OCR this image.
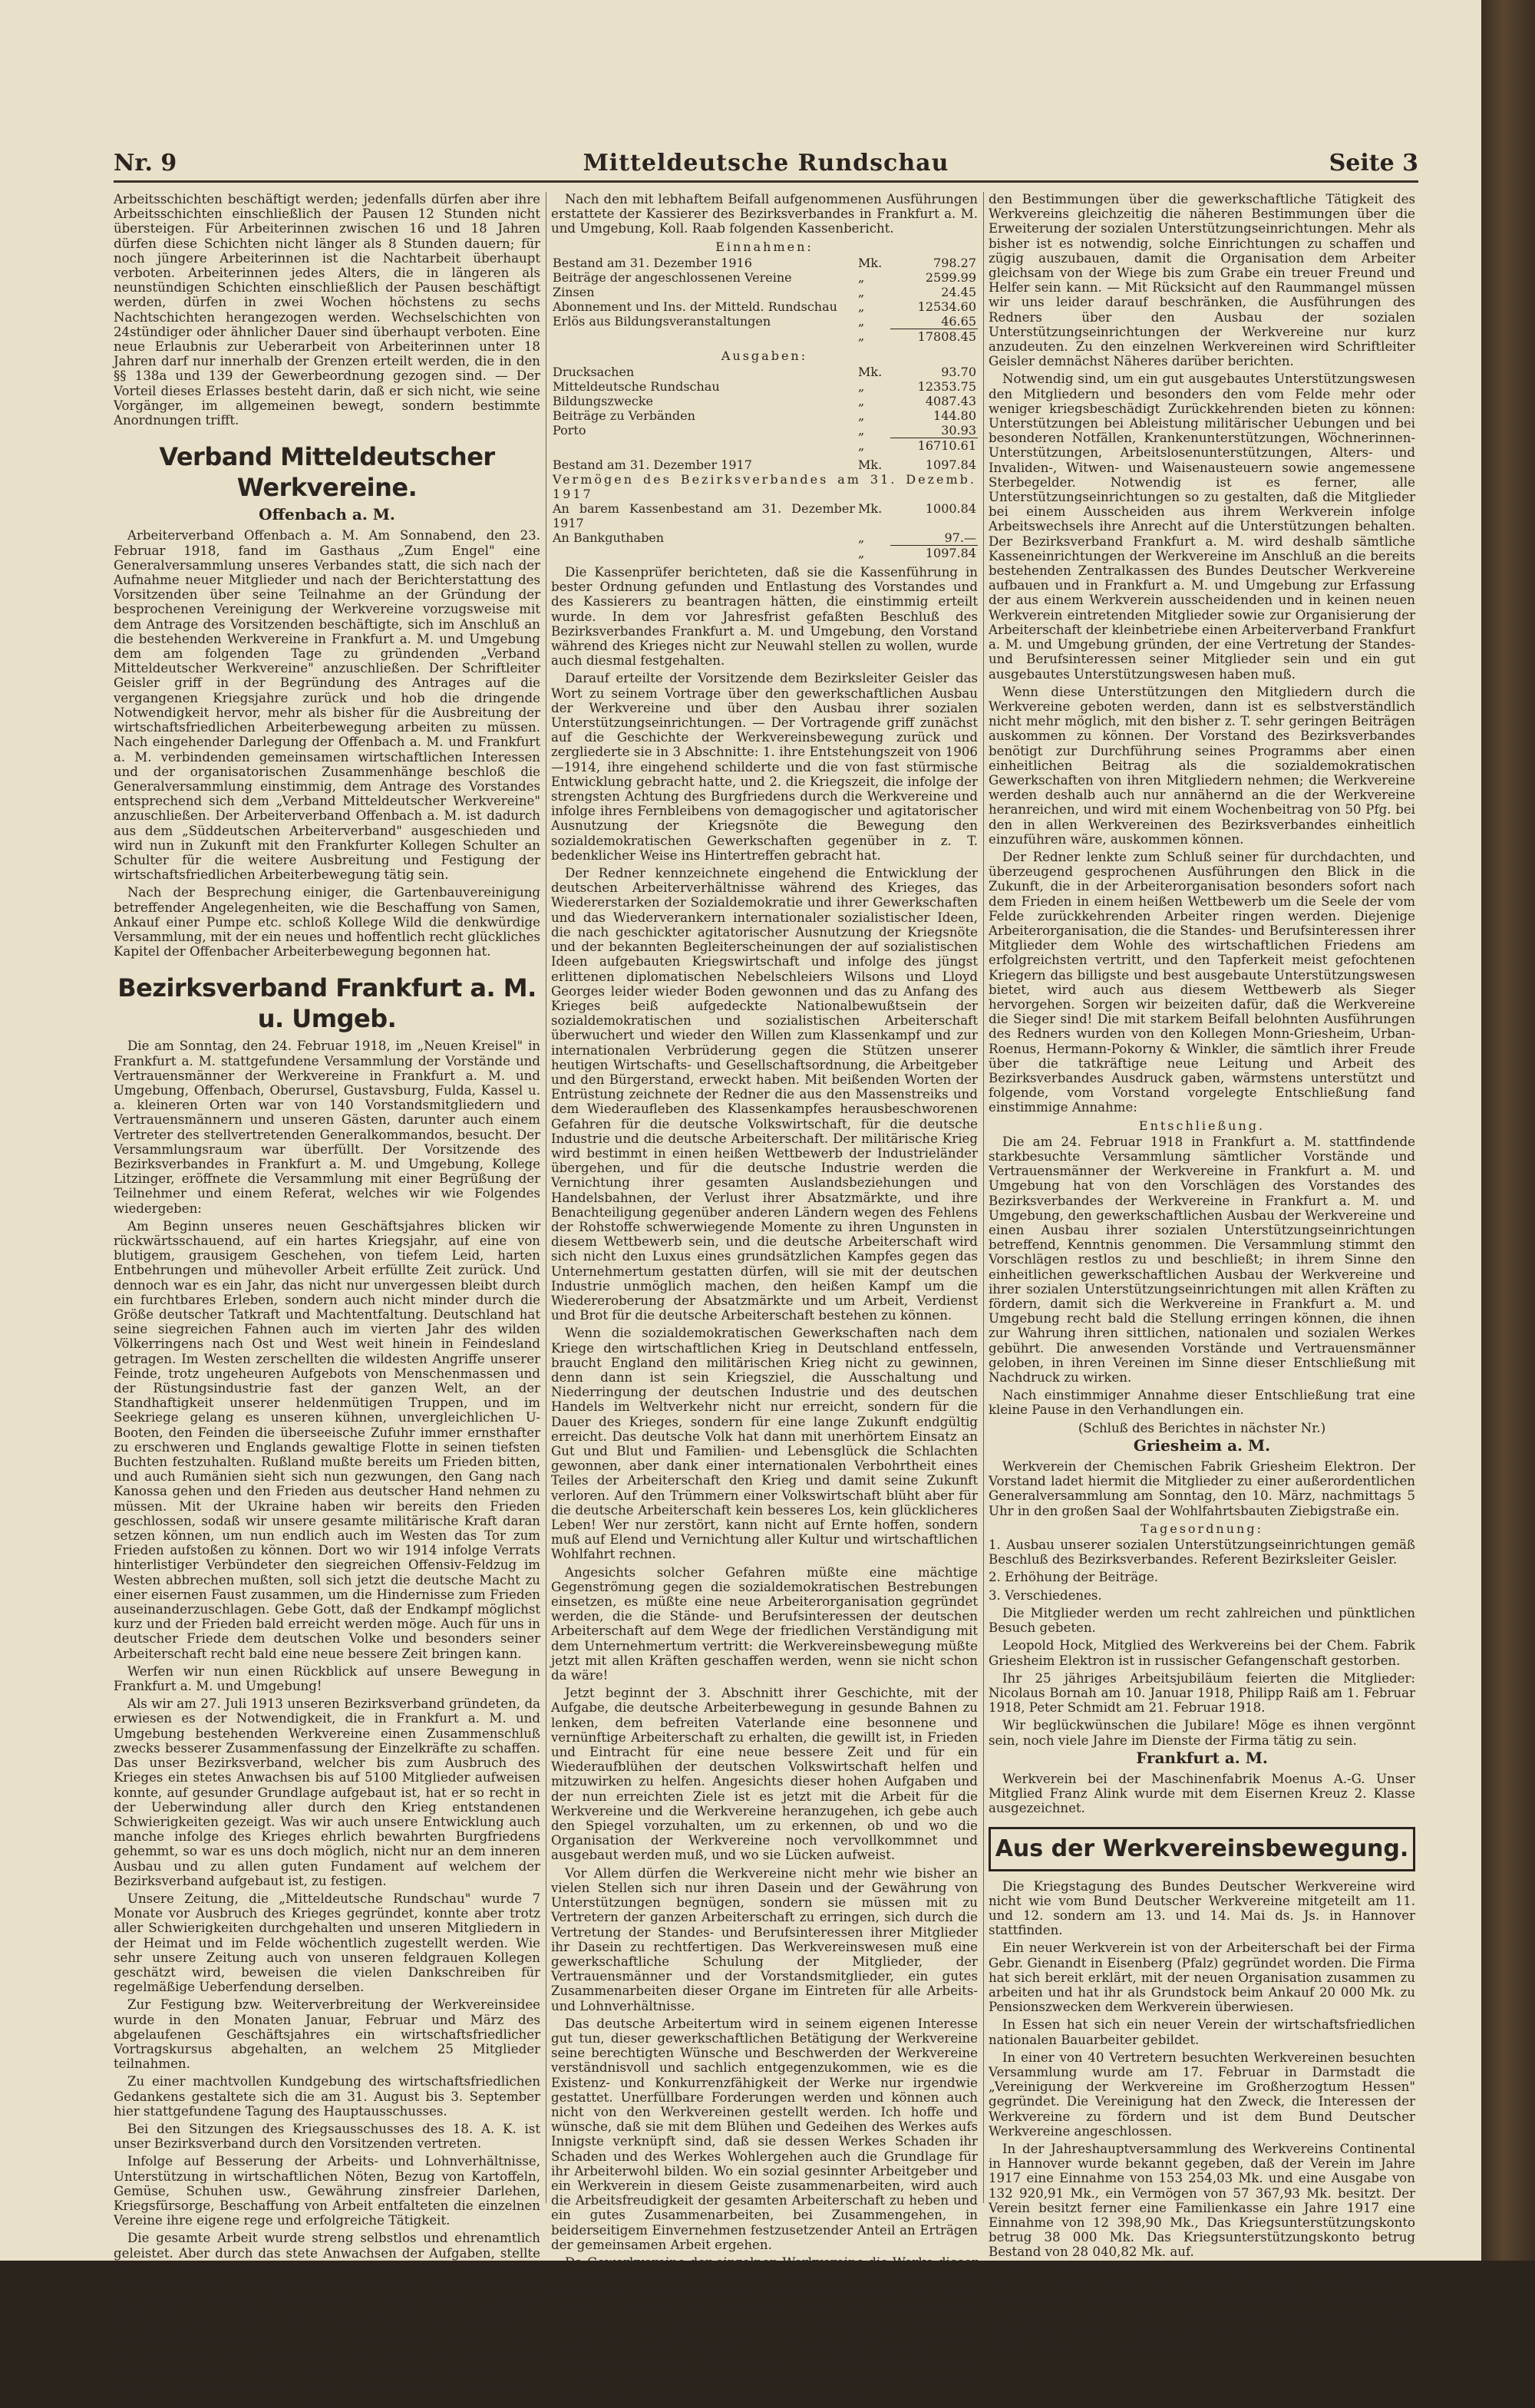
Nr. 9	Mitteldeutsche Rundschau	Seite 3

Arbeitsschichten beschäftigt werden; jedenfalls dürfen aber ihre Arbeitsschichten einschließlich der Pausen 12 Stunden nicht übersteigen. Für Arbeiterinnen zwischen 16 und 18 Jahren dürfen diese Schichten nicht länger als 8 Stunden dauern; für noch jüngere Arbeiterinnen ist die Nachtarbeit überhaupt verboten. Arbeiterinnen jedes Alters, die in längeren als neunstündigen Schichten einschließlich der Pausen beschäftigt werden, dürfen in zwei Wochen höchstens zu sechs Nachtschichten herangezogen werden. Wechselschichten von 24stündiger oder ähnlicher Dauer sind überhaupt verboten. Eine neue Erlaubnis zur Ueberarbeit von Arbeiterinnen unter 18 Jahren darf nur innerhalb der Grenzen erteilt werden, die in den §§ 138a und 139 der Gewerbeordnung gezogen sind. — Der Vorteil dieses Erlasses besteht darin, daß er sich nicht, wie seine Vorgänger, im allgemeinen bewegt, sondern bestimmte Anordnungen trifft.

Verband Mitteldeutscher Werkvereine.
Offenbach a. M.

Arbeiterverband Offenbach a. M. Am Sonnabend, den 23. Februar 1918, fand im Gasthaus „Zum Engel" eine Generalversammlung unseres Verbandes statt, die sich nach der Aufnahme neuer Mitglieder und nach der Berichterstattung des Vorsitzenden über seine Teilnahme an der Gründung der besprochenen Vereinigung der Werkvereine vorzugsweise mit dem Antrage des Vorsitzenden beschäftigte, sich im Anschluß an die bestehenden Werkvereine in Frankfurt a. M. und Umgebung dem am folgenden Tage zu gründenden „Verband Mitteldeutscher Werkvereine" anzuschließen. Der Schriftleiter Geisler griff in der Begründung des Antrages auf die vergangenen Kriegsjahre zurück und hob die dringende Notwendigkeit hervor, mehr als bisher für die Ausbreitung der wirtschaftsfriedlichen Arbeiterbewegung arbeiten zu müssen. Nach eingehender Darlegung der Offenbach a. M. und Frankfurt a. M. verbindenden gemeinsamen wirtschaftlichen Interessen und der organisatorischen Zusammenhänge beschloß die Generalversammlung einstimmig, dem Antrage des Vorstandes entsprechend sich dem „Verband Mitteldeutscher Werkvereine" anzuschließen. Der Arbeiterverband Offenbach a. M. ist dadurch aus dem „Süddeutschen Arbeiterverband" ausgeschieden und wird nun in Zukunft mit den Frankfurter Kollegen Schulter an Schulter für die weitere Ausbreitung und Festigung der wirtschaftsfriedlichen Arbeiterbewegung tätig sein.

Nach der Besprechung einiger, die Gartenbauvereinigung betreffender Angelegenheiten, wie die Beschaffung von Samen, Ankauf einer Pumpe etc. schloß Kollege Wild die denkwürdige Versammlung, mit der ein neues und hoffentlich recht glückliches Kapitel der Offenbacher Arbeiterbewegung begonnen hat.

Bezirksverband Frankfurt a. M. u. Umgeb.

Die am Sonntag, den 24. Februar 1918, im „Neuen Kreisel" in Frankfurt a. M. stattgefundene Versammlung der Vorstände und Vertrauensmänner der Werkvereine in Frankfurt a. M. und Umgebung, Offenbach, Oberursel, Gustavsburg, Fulda, Kassel u. a. kleineren Orten war von 140 Vorstandsmitgliedern und Vertrauensmännern und unseren Gästen, darunter auch einem Vertreter des stellvertretenden Generalkommandos, besucht. Der Versammlungsraum war überfüllt. Der Vorsitzende des Bezirksverbandes in Frankfurt a. M. und Umgebung, Kollege Litzinger, eröffnete die Versammlung mit einer Begrüßung der Teilnehmer und einem Referat, welches wir wie Folgendes wiedergeben:

Am Beginn unseres neuen Geschäftsjahres blicken wir rückwärtsschauend, auf ein hartes Kriegsjahr, auf eine von blutigem, grausigem Geschehen, von tiefem Leid, harten Entbehrungen und mühevoller Arbeit erfüllte Zeit zurück. Und dennoch war es ein Jahr, das nicht nur unvergessen bleibt durch ein furchtbares Erleben, sondern auch nicht minder durch die Größe deutscher Tatkraft und Machtentfaltung. Deutschland hat seine siegreichen Fahnen auch im vierten Jahr des wilden Völkerringens nach Ost und West weit hinein in Feindesland getragen. Im Westen zerschellten die wildesten Angriffe unserer Feinde, trotz ungeheuren Aufgebots von Menschenmassen und der Rüstungsindustrie fast der ganzen Welt, an der Standhaftigkeit unserer heldenmütigen Truppen, und im Seekriege gelang es unseren kühnen, unvergleichlichen U-Booten, den Feinden die überseeische Zufuhr immer ernsthafter zu erschweren und Englands gewaltige Flotte in seinen tiefsten Buchten festzuhalten. Rußland mußte bereits um Frieden bitten, und auch Rumänien sieht sich nun gezwungen, den Gang nach Kanossa gehen und den Frieden aus deutscher Hand nehmen zu müssen. Mit der Ukraine haben wir bereits den Frieden geschlossen, sodaß wir unsere gesamte militärische Kraft daran setzen können, um nun endlich auch im Westen das Tor zum Frieden aufstoßen zu können. Dort wo wir 1914 infolge Verrats hinterlistiger Verbündeter den siegreichen Offensiv-Feldzug im Westen abbrechen mußten, soll sich jetzt die deutsche Macht zu einer eisernen Faust zusammen, um die Hindernisse zum Frieden auseinanderzuschlagen. Gebe Gott, daß der Endkampf möglichst kurz und der Frieden bald erreicht werden möge. Auch für uns in deutscher Friede dem deutschen Volke und besonders seiner Arbeiterschaft recht bald eine neue bessere Zeit bringen kann.

Werfen wir nun einen Rückblick auf unsere Bewegung in Frankfurt a. M. und Umgebung!

Als wir am 27. Juli 1913 unseren Bezirksverband gründeten, da erwiesen es der Notwendigkeit, die in Frankfurt a. M. und Umgebung bestehenden Werkvereine einen Zusammenschluß zwecks besserer Zusammenfassung der Einzelkräfte zu schaffen. Das unser Bezirksverband, welcher bis zum Ausbruch des Krieges ein stetes Anwachsen bis auf 5100 Mitglieder aufweisen konnte, auf gesunder Grundlage aufgebaut ist, hat er so recht in der Ueberwindung aller durch den Krieg entstandenen Schwierigkeiten gezeigt. Was wir auch unsere Entwicklung auch manche infolge des Krieges ehrlich bewahrten Burgfriedens gehemmt, so war es uns doch möglich, nicht nur an dem inneren Ausbau und zu allen guten Fundament auf welchem der Bezirksverband aufgebaut ist, zu festigen.

Unsere Zeitung, die „Mitteldeutsche Rundschau" wurde 7 Monate vor Ausbruch des Krieges gegründet, konnte aber trotz aller Schwierigkeiten durchgehalten und unseren Mitgliedern in der Heimat und im Felde wöchentlich zugestellt werden. Wie sehr unsere Zeitung auch von unseren feldgrauen Kollegen geschätzt wird, beweisen die vielen Dankschreiben für regelmäßige Ueberfendung derselben.

Zur Festigung bzw. Weiterverbreitung der Werkvereinsidee wurde in den Monaten Januar, Februar und März des abgelaufenen Geschäftsjahres ein wirtschaftsfriedlicher Vortragskursus abgehalten, an welchem 25 Mitglieder teilnahmen.

Zu einer machtvollen Kundgebung des wirtschaftsfriedlichen Gedankens gestaltete sich die am 31. August bis 3. September hier stattgefundene Tagung des Hauptausschusses.

Bei den Sitzungen des Kriegsausschusses des 18. A. K. ist unser Bezirksverband durch den Vorsitzenden vertreten.

Infolge auf Besserung der Arbeits- und Lohnverhältnisse, Unterstützung in wirtschaftlichen Nöten, Bezug von Kartoffeln, Gemüse, Schuhen usw., Gewährung zinsfreier Darlehen, Kriegsfürsorge, Beschaffung von Arbeit entfalteten die einzelnen Vereine ihre eigene rege und erfolgreiche Tätigkeit.

Die gesamte Arbeit wurde streng selbstlos und ehrenamtlich geleistet. Aber durch das stete Anwachsen der Aufgaben, stellte sich die Notwendigkeit, unserer Bewegung weiter auszubauen und den Mitgliedern in allen Zweigen an der wirtschaftlichen und sozialpolitischen Tagesfragen zu unterstützen. Deshalb haben wir uns veranlaßt, eine eigene Geschäftsstelle zu gründen. Dieselbe wird geleitet durch den Herrn Fr. Geisler, welcher als Schriftleiter und Bezirksleiter von Gotha hierher gerufen wurde. Wir vertrauen fest darauf, daß wir damit zum Segen des Bezirksverbandes und seiner Mitglieder sowie der Gesamtbewegung gehandelt haben und daß unsere Bezirksarbeit auch fernerhin gesegnet sein wird.

Nach den mit lebhaftem Beifall aufgenommenen Ausführungen erstattete der Kassierer des Bezirksverbandes in Frankfurt a. M. und Umgebung, Koll. Raab folgenden Kassenbericht.

Einnahmen:
Bestand am 31. Dezember 1916	Mk.	798.27
Beiträge der angeschlossenen Vereine	„	2599.99
Zinsen	„	24.45
Abonnement und Ins. der Mitteld. Rundschau	„	12534.60
Erlös aus Bildungsveranstaltungen	„	46.65
	„	17808.45
Ausgaben:
Drucksachen	Mk.	93.70
Mitteldeutsche Rundschau	„	12353.75
Bildungszwecke	„	4087.43
Beiträge zu Verbänden	„	144.80
Porto	„	30.93
	„	16710.61
Bestand am 31. Dezember 1917	Mk.	1097.84
Vermögen des Bezirksverbandes am 31. Dezemb. 1917		
An barem Kassenbestand am 31. Dezember 1917	Mk.	1000.84
An Bankguthaben	„	97.—
	„	1097.84

Die Kassenprüfer berichteten, daß sie die Kassenführung in bester Ordnung gefunden und Entlastung des Vorstandes und des Kassierers zu beantragen hätten, die einstimmig erteilt wurde. In dem vor Jahresfrist gefaßten Beschluß des Bezirksverbandes Frankfurt a. M. und Umgebung, den Vorstand während des Krieges nicht zur Neuwahl stellen zu wollen, wurde auch diesmal festgehalten.

Darauf erteilte der Vorsitzende dem Bezirksleiter Geisler das Wort zu seinem Vortrage über den gewerkschaftlichen Ausbau der Werkvereine und über den Ausbau ihrer sozialen Unterstützungseinrichtungen. — Der Vortragende griff zunächst auf die Geschichte der Werkvereinsbewegung zurück und zergliederte sie in 3 Abschnitte: 1. ihre Entstehungszeit von 1906—1914, ihre eingehend schilderte und die von fast stürmische Entwicklung gebracht hatte, und 2. die Kriegszeit, die infolge der strengsten Achtung des Burgfriedens durch die Werkvereine und infolge ihres Fernbleibens von demagogischer und agitatorischer Ausnutzung der Kriegsnöte die Bewegung den sozialdemokratischen Gewerkschaften gegenüber in z. T. bedenklicher Weise ins Hintertreffen gebracht hat.

Der Redner kennzeichnete eingehend die Entwicklung der deutschen Arbeiterverhältnisse während des Krieges, das Wiedererstarken der Sozialdemokratie und ihrer Gewerkschaften und das Wiederverankern internationaler sozialistischer Ideen, die nach geschickter agitatorischer Ausnutzung der Kriegsnöte und der bekannten Begleiterscheinungen der auf sozialistischen Ideen aufgebauten Kriegswirtschaft und infolge des jüngst erlittenen diplomatischen Nebelschleiers Wilsons und Lloyd Georges leider wieder Boden gewonnen und das zu Anfang des Krieges beiß aufgedeckte Nationalbewußtsein der sozialdemokratischen und sozialistischen Arbeiterschaft überwuchert und wieder den Willen zum Klassenkampf und zur internationalen Verbrüderung gegen die Stützen unserer heutigen Wirtschafts- und Gesellschaftsordnung, die Arbeitgeber und den Bürgerstand, erweckt haben. Mit beißenden Worten der Entrüstung zeichnete der Redner die aus den Massenstreiks und dem Wiederaufleben des Klassenkampfes herausbeschworenen Gefahren für die deutsche Volkswirtschaft, für die deutsche Industrie und die deutsche Arbeiterschaft. Der militärische Krieg wird bestimmt in einen heißen Wettbewerb der Industrieländer übergehen, und für die deutsche Industrie werden die Vernichtung ihrer gesamten Auslandsbeziehungen und Handelsbahnen, der Verlust ihrer Absatzmärkte, und ihre Benachteiligung gegenüber anderen Ländern wegen des Fehlens der Rohstoffe schwerwiegende Momente zu ihren Ungunsten in diesem Wettbewerb sein, und die deutsche Arbeiterschaft wird sich nicht den Luxus eines grundsätzlichen Kampfes gegen das Unternehmertum gestatten dürfen, will sie mit der deutschen Industrie unmöglich machen, den heißen Kampf um die Wiedereroberung der Absatzmärkte und um Arbeit, Verdienst und Brot für die deutsche Arbeiterschaft bestehen zu können.

Wenn die sozialdemokratischen Gewerkschaften nach dem Kriege den wirtschaftlichen Krieg in Deutschland entfesseln, braucht England den militärischen Krieg nicht zu gewinnen, denn dann ist sein Kriegsziel, die Ausschaltung und Niederringung der deutschen Industrie und des deutschen Handels im Weltverkehr nicht nur erreicht, sondern für die Dauer des Krieges, sondern für eine lange Zukunft endgültig erreicht. Das deutsche Volk hat dann mit unerhörtem Einsatz an Gut und Blut und Familien- und Lebensglück die Schlachten gewonnen, aber dank einer internationalen Verbohrtheit eines Teiles der Arbeiterschaft den Krieg und damit seine Zukunft verloren. Auf den Trümmern einer Volkswirtschaft blüht aber für die deutsche Arbeiterschaft kein besseres Los, kein glücklicheres Leben! Wer nur zerstört, kann nicht auf Ernte hoffen, sondern muß auf Elend und Vernichtung aller Kultur und wirtschaftlichen Wohlfahrt rechnen.

Angesichts solcher Gefahren müßte eine mächtige Gegenströmung gegen die sozialdemokratischen Bestrebungen einsetzen, es müßte eine neue Arbeiterorganisation gegründet werden, die die Stände- und Berufsinteressen der deutschen Arbeiterschaft auf dem Wege der friedlichen Verständigung mit dem Unternehmertum vertritt: die Werkvereinsbewegung müßte jetzt mit allen Kräften geschaffen werden, wenn sie nicht schon da wäre!

Jetzt beginnt der 3. Abschnitt ihrer Geschichte, mit der Aufgabe, die deutsche Arbeiterbewegung in gesunde Bahnen zu lenken, dem befreiten Vaterlande eine besonnene und vernünftige Arbeiterschaft zu erhalten, die gewillt ist, in Frieden und Eintracht für eine neue bessere Zeit und für ein Wiederaufblühen der deutschen Volkswirtschaft helfen und mitzuwirken zu helfen. Angesichts dieser hohen Aufgaben und der nun erreichten Ziele ist es jetzt mit die Arbeit für die Werkvereine und die Werkvereine heranzugehen, ich gebe auch den Spiegel vorzuhalten, um zu erkennen, ob und wo die Organisation der Werkvereine noch vervollkommnet und ausgebaut werden muß, und wo sie Lücken aufweist.

Vor Allem dürfen die Werkvereine nicht mehr wie bisher an vielen Stellen sich nur ihren Dasein und der Gewährung von Unterstützungen begnügen, sondern sie müssen mit zu Vertretern der ganzen Arbeiterschaft zu erringen, sich durch die Vertretung der Standes- und Berufsinteressen ihrer Mitglieder ihr Dasein zu rechtfertigen. Das Werkvereinswesen muß eine gewerkschaftliche Schulung der Mitglieder, der Vertrauensmänner und der Vorstandsmitglieder, ein gutes Zusammenarbeiten dieser Organe im Eintreten für alle Arbeits- und Lohnverhältnisse.

Das deutsche Arbeitertum wird in seinem eigenen Interesse gut tun, dieser gewerkschaftlichen Betätigung der Werkvereine seine berechtigten Wünsche und Beschwerden der Werkvereine verständnisvoll und sachlich entgegenzukommen, wie es die Existenz- und Konkurrenzfähigkeit der Werke nur irgendwie gestattet. Unerfüllbare Forderungen werden und können auch nicht von den Werkvereinen gestellt werden. Ich hoffe und wünsche, daß sie mit dem Blühen und Gedeihen des Werkes aufs Innigste verknüpft sind, daß sie dessen Werkes Schaden ihr Schaden und des Werkes Wohlergehen auch die Grundlage für ihr Arbeiterwohl bilden. Wo ein sozial gesinnter Arbeitgeber und ein Werkverein in diesem Geiste zusammenarbeiten, wird auch die Arbeitsfreudigkeit der gesamten Arbeiterschaft zu heben und ein gutes Zusammenarbeiten, bei Zusammengehen, in beiderseitigem Einvernehmen festzusetzender Anteil an Erträgen der gemeinsamen Arbeit ergehen.

Da Gewerkvereine der einzelnen Werkvereine die Werke dieser Aufgaben nicht gewachsen sind, so verlangt die heutige Zeit, daß sie sich zu Bezirksverbänden zusammenschließen, die ihnen darin im Rahmen der für heutige Zeit. Der Bezirksverband Frankfurt a. M. hat die hohe Aufgabe, bestehend aus Arbeitern, die auf die Schaffung eines neuen, in allen Werkvereinen einheitlich einzuführenden Statuts Rechnung getragen, das bereits der Werkverein in Oberursel, die Reichsbahnwerkstätten in Apolda und einige andere Thüringer Werkvereine eingeführt haben. Diese neuen Satzungen enthalten neben

den Bestimmungen über die gewerkschaftliche Tätigkeit des Werkvereins gleichzeitig die näheren Bestimmungen über die Erweiterung der sozialen Unterstützungseinrichtungen. Mehr als bisher ist es notwendig, solche Einrichtungen zu schaffen und zügig auszubauen, damit die Organisation dem Arbeiter gleichsam von der Wiege bis zum Grabe ein treuer Freund und Helfer sein kann. — Mit Rücksicht auf den Raummangel müssen wir uns leider darauf beschränken, die Ausführungen des Redners über den Ausbau der sozialen Unterstützungseinrichtungen der Werkvereine nur kurz anzudeuten. Zu den einzelnen Werkvereinen wird Schriftleiter Geisler demnächst Näheres darüber berichten.

Notwendig sind, um ein gut ausgebautes Unterstützungswesen den Mitgliedern und besonders den vom Felde mehr oder weniger kriegsbeschädigt Zurückkehrenden bieten zu können: Unterstützungen bei Ableistung militärischer Uebungen und bei besonderen Notfällen, Krankenunterstützungen, Wöchnerinnen-Unterstützungen, Arbeitslosenunterstützungen, Alters- und Invaliden-, Witwen- und Waisenausteuern sowie angemessene Sterbegelder. Notwendig ist es ferner, alle Unterstützungseinrichtungen so zu gestalten, daß die Mitglieder bei einem Ausscheiden aus ihrem Werkverein infolge Arbeitswechsels ihre Anrecht auf die Unterstützungen behalten. Der Bezirksverband Frankfurt a. M. wird deshalb sämtliche Kasseneinrichtungen der Werkvereine im Anschluß an die bereits bestehenden Zentralkassen des Bundes Deutscher Werkvereine aufbauen und in Frankfurt a. M. und Umgebung zur Erfassung der aus einem Werkverein ausscheidenden und in keinen neuen Werkverein eintretenden Mitglieder sowie zur Organisierung der Arbeiterschaft der kleinbetriebe einen Arbeiterverband Frankfurt a. M. und Umgebung gründen, der eine Vertretung der Standes- und Berufsinteressen seiner Mitglieder sein und ein gut ausgebautes Unterstützungswesen haben muß.

Wenn diese Unterstützungen den Mitgliedern durch die Werkvereine geboten werden, dann ist es selbstverständlich nicht mehr möglich, mit den bisher z. T. sehr geringen Beiträgen auskommen zu können. Der Vorstand des Bezirksverbandes benötigt zur Durchführung seines Programms aber einen einheitlichen Beitrag als die sozialdemokratischen Gewerkschaften von ihren Mitgliedern nehmen; die Werkvereine werden deshalb auch nur annähernd an die der Werkvereine heranreichen, und wird mit einem Wochenbeitrag von 50 Pfg. bei den in allen Werkvereinen des Bezirksverbandes einheitlich einzuführen wäre, auskommen können.

Der Redner lenkte zum Schluß seiner für durchdachten, und überzeugend gesprochenen Ausführungen den Blick in die Zukunft, die in der Arbeiterorganisation besonders sofort nach dem Frieden in einem heißen Wettbewerb um die Seele der vom Felde zurückkehrenden Arbeiter ringen werden. Diejenige Arbeiterorganisation, die die Standes- und Berufsinteressen ihrer Mitglieder dem Wohle des wirtschaftlichen Friedens am erfolgreichsten vertritt, und den Tapferkeit meist gefochtenen Kriegern das billigste und best ausgebaute Unterstützungswesen bietet, wird auch aus diesem Wettbewerb als Sieger hervorgehen. Sorgen wir beizeiten dafür, daß die Werkvereine die Sieger sind! Die mit starkem Beifall belohnten Ausführungen des Redners wurden von den Kollegen Monn-Griesheim, Urban-Roenus, Hermann-Pokorny & Winkler, die sämtlich ihrer Freude über die tatkräftige neue Leitung und Arbeit des Bezirksverbandes Ausdruck gaben, wärmstens unterstützt und folgende, vom Vorstand vorgelegte Entschließung fand einstimmige Annahme:

Entschließung.

Die am 24. Februar 1918 in Frankfurt a. M. stattfindende starkbesuchte Versammlung sämtlicher Vorstände und Vertrauensmänner der Werkvereine in Frankfurt a. M. und Umgebung hat von den Vorschlägen des Vorstandes des Bezirksverbandes der Werkvereine in Frankfurt a. M. und Umgebung, den gewerkschaftlichen Ausbau der Werkvereine und einen Ausbau ihrer sozialen Unterstützungseinrichtungen betreffend, Kenntnis genommen. Die Versammlung stimmt den Vorschlägen restlos zu und beschließt; in ihrem Sinne den einheitlichen gewerkschaftlichen Ausbau der Werkvereine und ihrer sozialen Unterstützungseinrichtungen mit allen Kräften zu fördern, damit sich die Werkvereine in Frankfurt a. M. und Umgebung recht bald die Stellung erringen können, die ihnen zur Wahrung ihren sittlichen, nationalen und sozialen Werkes gebührt. Die anwesenden Vorstände und Vertrauensmänner geloben, in ihren Vereinen im Sinne dieser Entschließung mit Nachdruck zu wirken.

Nach einstimmiger Annahme dieser Entschließung trat eine kleine Pause in den Verhandlungen ein.

(Schluß des Berichtes in nächster Nr.)

Griesheim a. M.

Werkverein der Chemischen Fabrik Griesheim Elektron. Der Vorstand ladet hiermit die Mitglieder zu einer außerordentlichen Generalversammlung am Sonntag, den 10. März, nachmittags 5 Uhr in den großen Saal der Wohlfahrtsbauten Ziebigstraße ein.

Tagesordnung:

1. Ausbau unserer sozialen Unterstützungseinrichtungen gemäß Beschluß des Bezirksverbandes. Referent Bezirksleiter Geisler.

2. Erhöhung der Beiträge.

3. Verschiedenes.

Die Mitglieder werden um recht zahlreichen und pünktlichen Besuch gebeten.

Leopold Hock, Mitglied des Werkvereins bei der Chem. Fabrik Griesheim Elektron ist in russischer Gefangenschaft gestorben.

Ihr 25 jähriges Arbeitsjubiläum feierten die Mitglieder: Nicolaus Bornah am 10. Januar 1918, Philipp Raiß am 1. Februar 1918, Peter Schmidt am 21. Februar 1918.

Wir beglückwünschen die Jubilare! Möge es ihnen vergönnt sein, noch viele Jahre im Dienste der Firma tätig zu sein.

Frankfurt a. M.

Werkverein bei der Maschinenfabrik Moenus A.-G. Unser Mitglied Franz Alink wurde mit dem Eisernen Kreuz 2. Klasse ausgezeichnet.

Aus der Werkvereinsbewegung.

Die Kriegstagung des Bundes Deutscher Werkvereine wird nicht wie vom Bund Deutscher Werkvereine mitgeteilt am 11. und 12. sondern am 13. und 14. Mai ds. Js. in Hannover stattfinden.

Ein neuer Werkverein ist von der Arbeiterschaft bei der Firma Gebr. Gienandt in Eisenberg (Pfalz) gegründet worden. Die Firma hat sich bereit erklärt, mit der neuen Organisation zusammen zu arbeiten und hat ihr als Grundstock beim Ankauf 20 000 Mk. zu Pensionszwecken dem Werkverein überwiesen.

In Essen hat sich ein neuer Verein der wirtschaftsfriedlichen nationalen Bauarbeiter gebildet.

In einer von 40 Vertretern besuchten Werkvereinen besuchten Versammlung wurde am 17. Februar in Darmstadt die „Vereinigung der Werkvereine im Großherzogtum Hessen" gegründet. Die Vereinigung hat den Zweck, die Interessen der Werkvereine zu fördern und ist dem Bund Deutscher Werkvereine angeschlossen.

In der Jahreshauptversammlung des Werkvereins Continental in Hannover wurde bekannt gegeben, daß der Verein im Jahre 1917 eine Einnahme von 153 254,03 Mk. und eine Ausgabe von 132 920,91 Mk., ein Vermögen von 57 367,93 Mk. besitzt. Der Verein besitzt ferner eine Familienkasse ein Jahre 1917 eine Einnahme von 12 398,90 Mk., Das Kriegsunterstützungskonto betrug 38 000 Mk. Das Kriegsunterstützungskonto betrug Bestand von 28 040,82 Mk. auf.

Der Landesverband der Werkvereine in der Provinz Hessen und in Anhalt hat eine eigene Zeitung, „Mitteldeutsche Arbeitswacht" eingehen lassen und dafür die „Magdeburger Tageszeitung" als offizielle Tageszeitung ausgewählt. — Die Schaffung eines eigenen Gewerkschaftshauses in Hannover bereits einen Gewerkschaftshauses.
